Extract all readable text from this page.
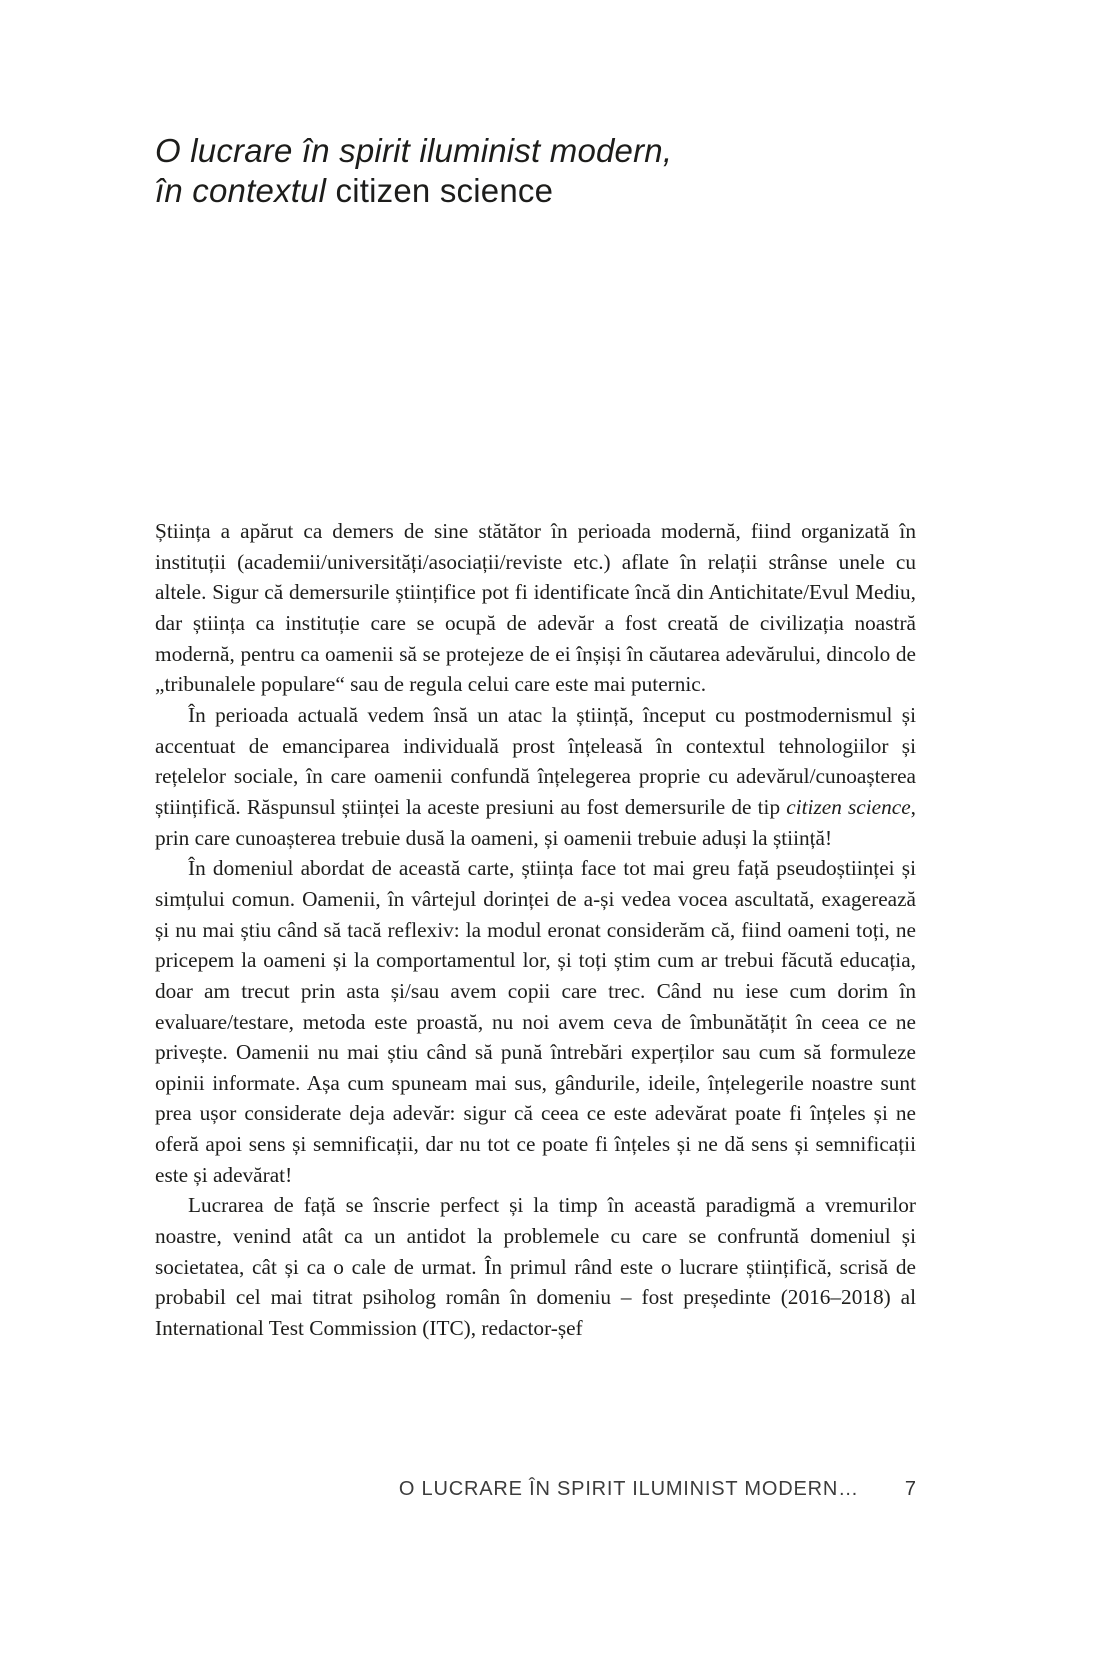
O lucrare în spirit iluminist modern,
în contextul citizen science

Știința a apărut ca demers de sine stătător în perioada modernă, fiind organizată în instituții (academii/universități/asociații/reviste etc.) aflate în relații strânse unele cu altele. Sigur că demersurile științifice pot fi identificate încă din Antichitate/Evul Mediu, dar știința ca instituție care se ocupă de adevăr a fost creată de civilizația noastră modernă, pentru ca oamenii să se protejeze de ei înșiși în căutarea adevărului, dincolo de „tribunalele populare“ sau de regula celui care este mai puternic.

În perioada actuală vedem însă un atac la știință, început cu postmodernismul și accentuat de emanciparea individuală prost înțeleasă în contextul tehnologiilor și rețelelor sociale, în care oamenii confundă înțelegerea proprie cu adevărul/cunoașterea științifică. Răspunsul științei la aceste presiuni au fost demersurile de tip citizen science, prin care cunoașterea trebuie dusă la oameni, și oamenii trebuie aduși la știință!

În domeniul abordat de această carte, știința face tot mai greu față pseudoștiinței și simțului comun. Oamenii, în vârtejul dorinței de a-și vedea vocea ascultată, exagerează și nu mai știu când să tacă reflexiv: la modul eronat considerăm că, fiind oameni toți, ne pricepem la oameni și la comportamentul lor, și toți știm cum ar trebui făcută educația, doar am trecut prin asta și/sau avem copii care trec. Când nu iese cum dorim în evaluare/testare, metoda este proastă, nu noi avem ceva de îmbunătățit în ceea ce ne privește. Oamenii nu mai știu când să pună întrebări experților sau cum să formuleze opinii informate. Așa cum spuneam mai sus, gândurile, ideile, înțelegerile noastre sunt prea ușor considerate deja adevăr: sigur că ceea ce este adevărat poate fi înțeles și ne oferă apoi sens și semnificații, dar nu tot ce poate fi înțeles și ne dă sens și semnificații este și adevărat!

Lucrarea de față se înscrie perfect și la timp în această paradigmă a vremurilor noastre, venind atât ca un antidot la problemele cu care se confruntă domeniul și societatea, cât și ca o cale de urmat. În primul rând este o lucrare științifică, scrisă de probabil cel mai titrat psiholog român în domeniu – fost președinte (2016–2018) al International Test Commission (ITC), redactor-șef

O LUCRARE ÎN SPIRIT ILUMINIST MODERN… 7
